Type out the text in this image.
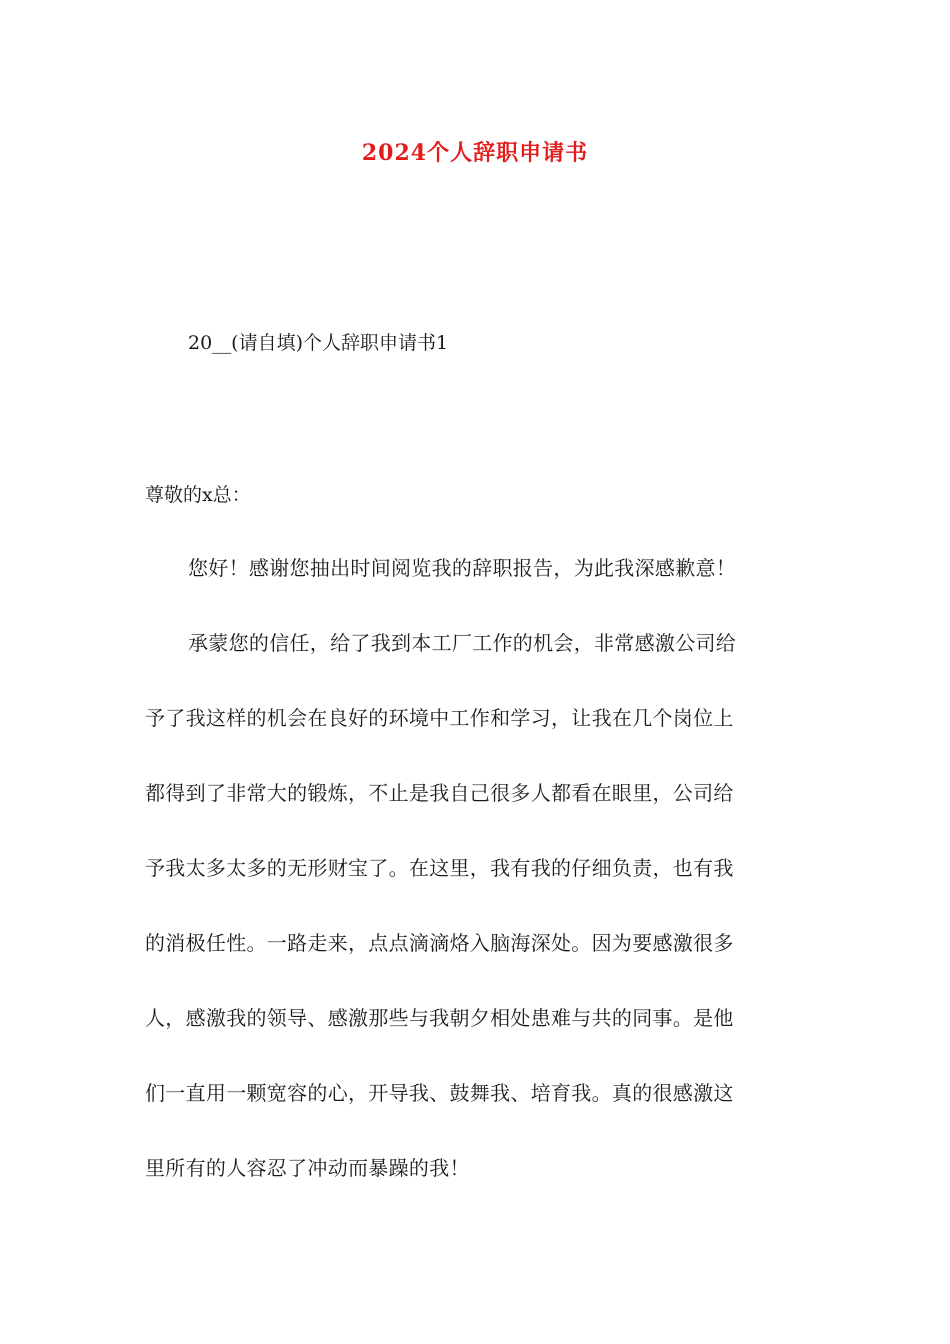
2024个人辞职申请书
20__(请自填)个人辞职申请书1
尊敬的x总：
您好！感谢您抽出时间阅览我的辞职报告，为此我深感歉意！
承蒙您的信任，给了我到本工厂工作的机会，非常感激公司给
予了我这样的机会在良好的环境中工作和学习，让我在几个岗位上
都得到了非常大的锻炼，不止是我自己很多人都看在眼里，公司给
予我太多太多的无形财宝了。在这里，我有我的仔细负责，也有我
的消极任性。一路走来，点点滴滴烙入脑海深处。因为要感激很多
人，感激我的领导、感激那些与我朝夕相处患难与共的同事。是他
们一直用一颗宽容的心，开导我、鼓舞我、培育我。真的很感激这
里所有的人容忍了冲动而暴躁的我！
